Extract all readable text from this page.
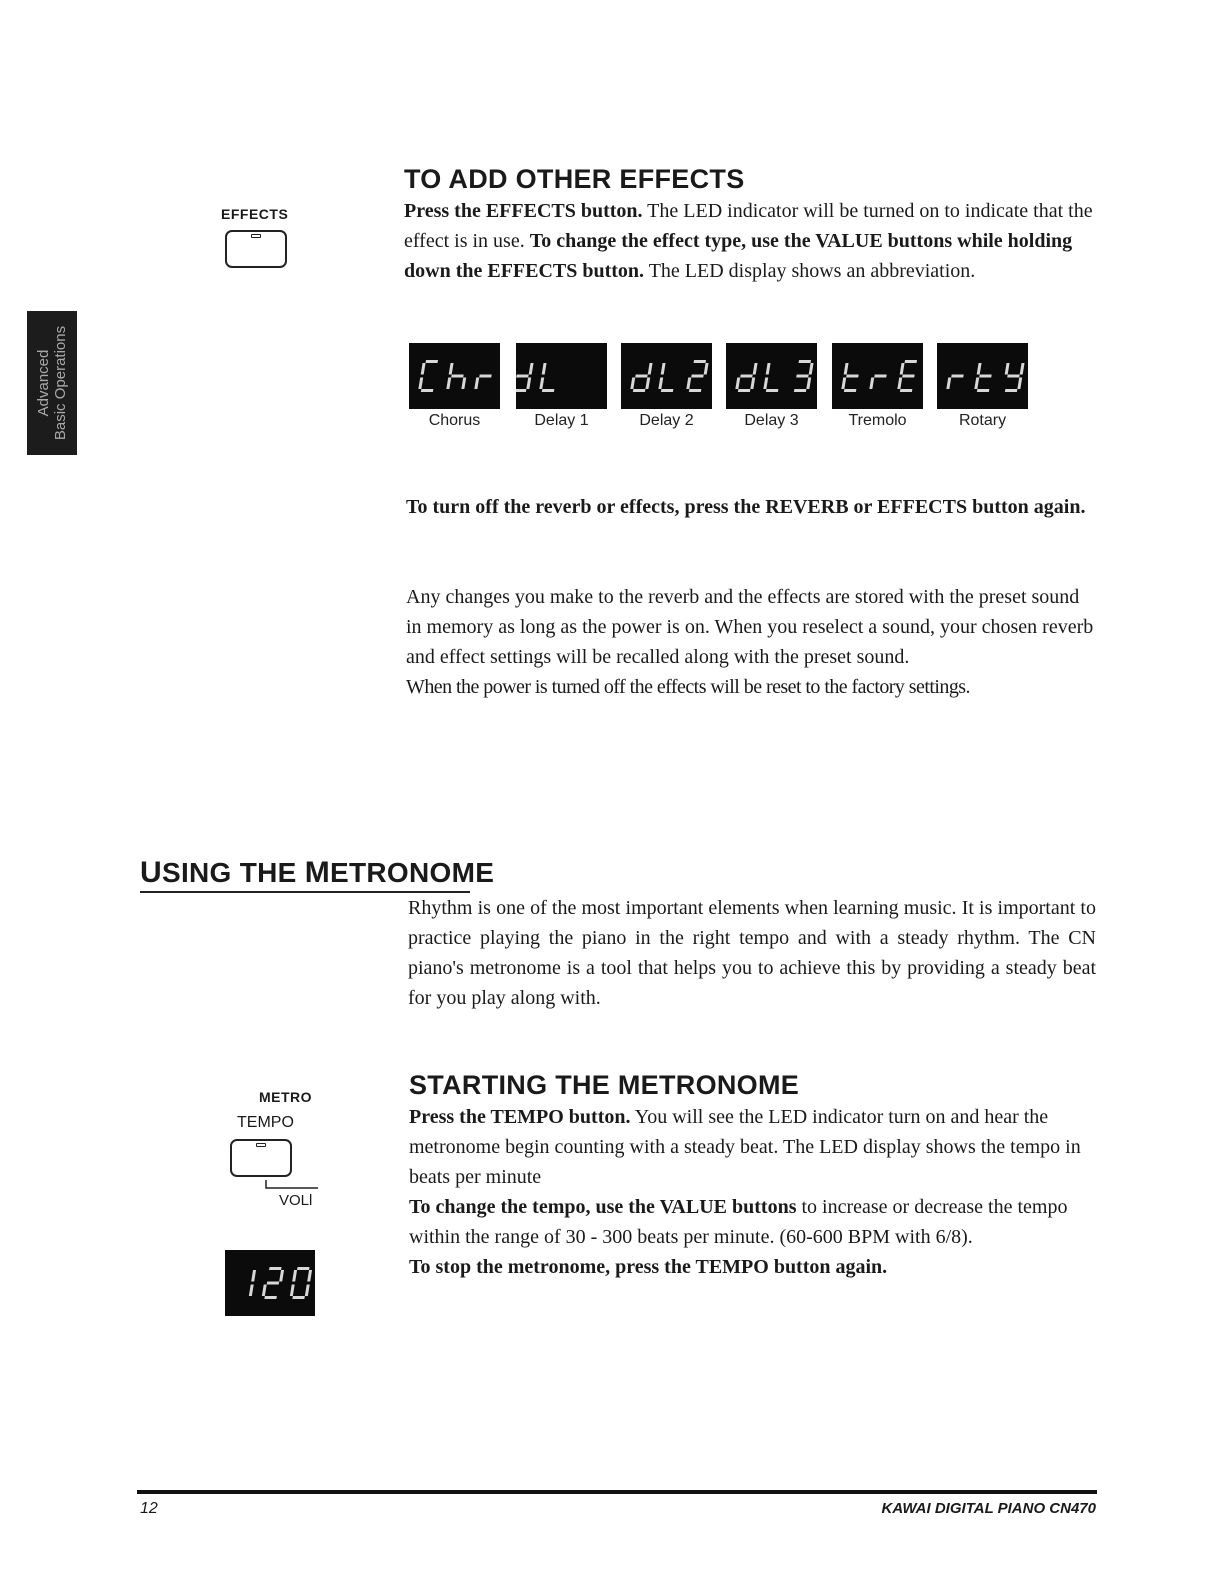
Advanced Basic Operations
EFFECTS
TO ADD OTHER EFFECTS

Press the EFFECTS button. The LED indicator will be turned on to indicate that the effect is in use. To change the effect type, use the VALUE buttons while holding down the EFFECTS button. The LED display shows an abbreviation.

Chorus	Delay 1	Delay 2	Delay 3	Tremolo	Rotary

To turn off the reverb or effects, press the REVERB or EFFECTS button again.

Any changes you make to the reverb and the effects are stored with the preset sound in memory as long as the power is on. When you reselect a sound, your chosen reverb and effect settings will be recalled along with the preset sound.

When the power is turned off the effects will be reset to the factory settings.

USING THE METRONOME

Rhythm is one of the most important elements when learning music. It is important to practice playing the piano in the right tempo and with a steady rhythm. The CN piano's metronome is a tool that helps you to achieve this by providing a steady beat for you play along with.

METRO
TEMPO
VOLl
STARTING THE METRONOME

Press the TEMPO button. You will see the LED indicator turn on and hear the metronome begin counting with a steady beat. The LED display shows the tempo in beats per minute

To change the tempo, use the VALUE buttons to increase or decrease the tempo within the range of 30 - 300 beats per minute. (60-600 BPM with 6/8).

To stop the metronome, press the TEMPO button again.

12	KAWAI DIGITAL PIANO CN470
